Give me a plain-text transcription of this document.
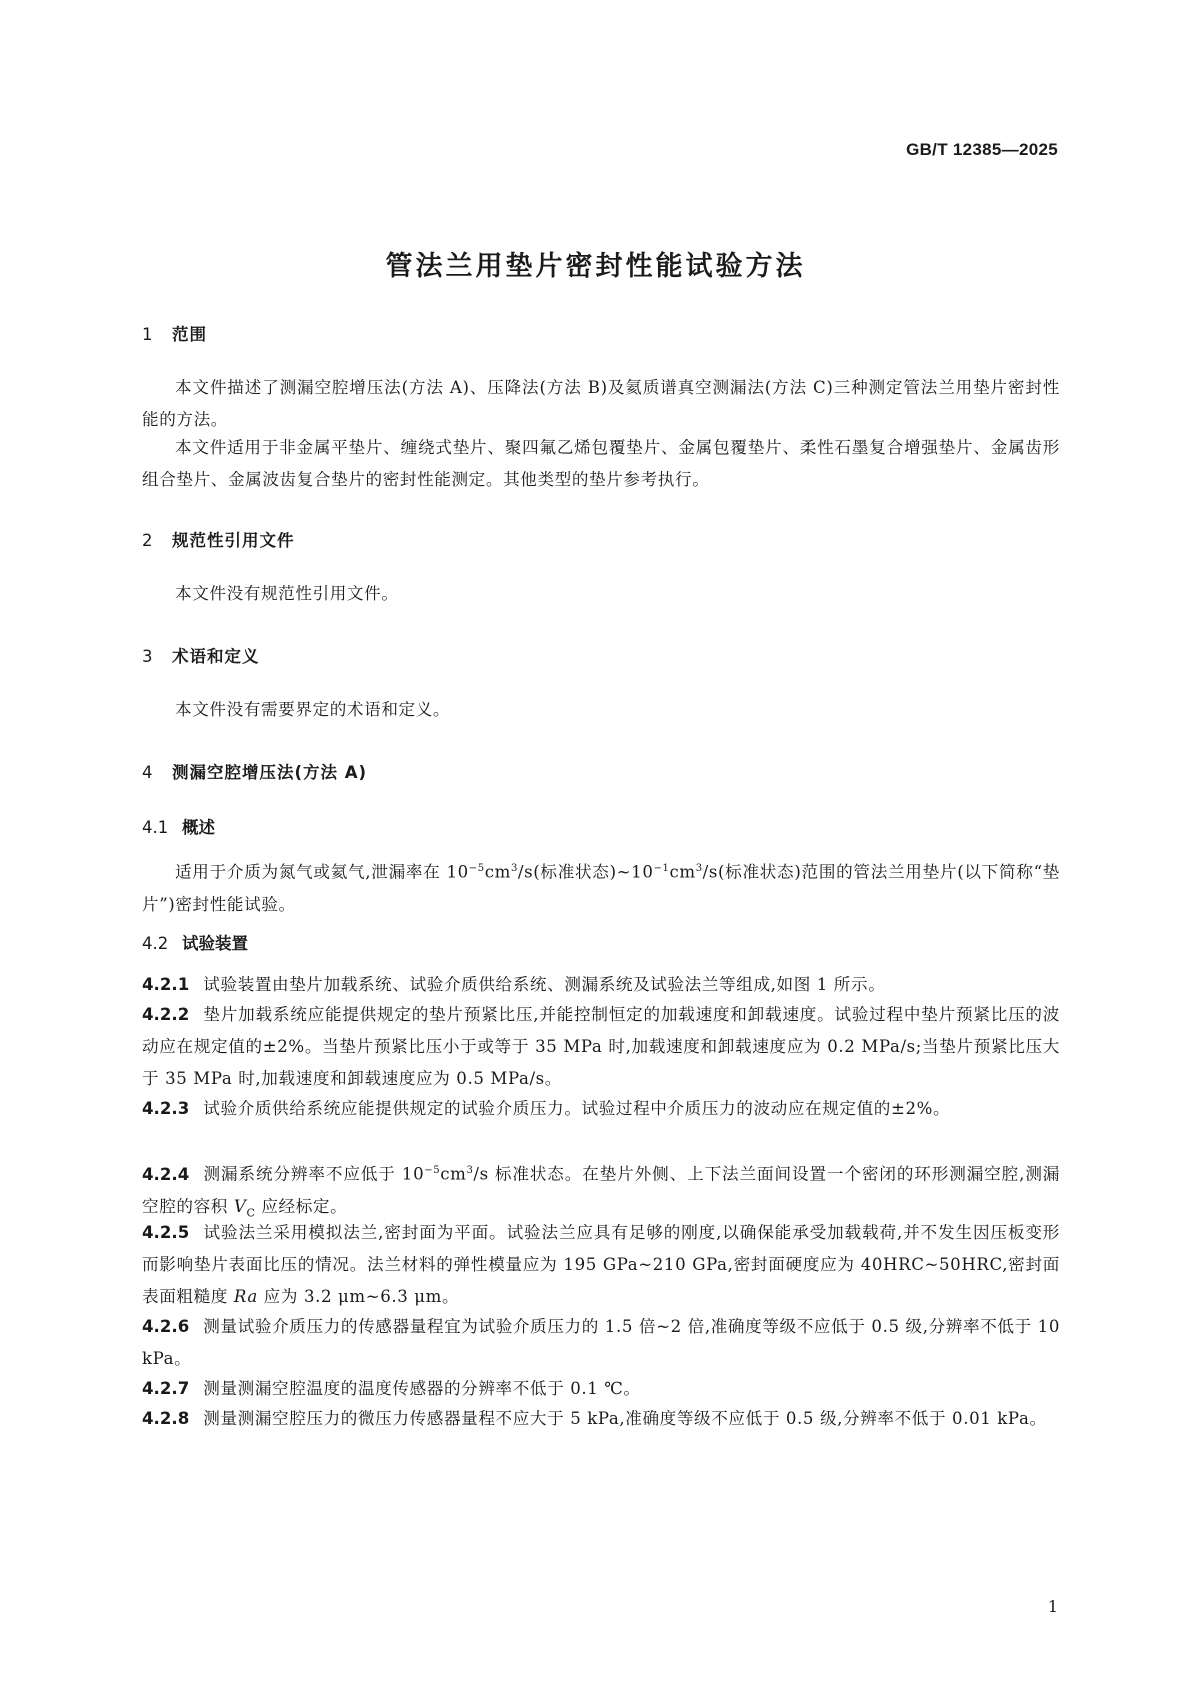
GB/T 12385—2025
管法兰用垫片密封性能试验方法
1 范围
本文件描述了测漏空腔增压法(方法 A)、压降法(方法 B)及氦质谱真空测漏法(方法 C)三种测定管法兰用垫片密封性能的方法。
本文件适用于非金属平垫片、缠绕式垫片、聚四氟乙烯包覆垫片、金属包覆垫片、柔性石墨复合增强垫片、金属齿形组合垫片、金属波齿复合垫片的密封性能测定。其他类型的垫片参考执行。
2 规范性引用文件
本文件没有规范性引用文件。
3 术语和定义
本文件没有需要界定的术语和定义。
4 测漏空腔增压法(方法 A)
4.1 概述
适用于介质为氮气或氦气,泄漏率在 $10^{-5}cm^3/s$(标准状态)$\sim 10^{-1}cm^3/s$(标准状态)范围的管法兰用垫片(以下简称“垫片”)密封性能试验。
4.2 试验装置
4.2.1 试验装置由垫片加载系统、试验介质供给系统、测漏系统及试验法兰等组成,如图 1 所示。
4.2.2 垫片加载系统应能提供规定的垫片预紧比压,并能控制恒定的加载速度和卸载速度。试验过程中垫片预紧比压的波动应在规定值的±2%。当垫片预紧比压小于或等于 35 MPa 时,加载速度和卸载速度应为 0.2 MPa/s;当垫片预紧比压大于 35 MPa 时,加载速度和卸载速度应为 0.5 MPa/s。
4.2.3 试验介质供给系统应能提供规定的试验介质压力。试验过程中介质压力的波动应在规定值的±2%。
4.2.4 测漏系统分辨率不应低于 $10^{-5}cm^3/s$ 标准状态。在垫片外侧、上下法兰面间设置一个密闭的环形测漏空腔,测漏空腔的容积 $V_C$ 应经标定。
4.2.5 试验法兰采用模拟法兰,密封面为平面。试验法兰应具有足够的刚度,以确保能承受加载载荷,并不发生因压板变形而影响垫片表面比压的情况。法兰材料的弹性模量应为 195 GPa~210 GPa,密封面硬度应为 40HRC~50HRC,密封面表面粗糙度 Ra 应为 3.2 μm~6.3 μm。
4.2.6 测量试验介质压力的传感器量程宜为试验介质压力的 1.5 倍~2 倍,准确度等级不应低于 0.5 级,分辨率不低于 10 kPa。
4.2.7 测量测漏空腔温度的温度传感器的分辨率不低于 0.1 ℃。
4.2.8 测量测漏空腔压力的微压力传感器量程不应大于 5 kPa,准确度等级不应低于 0.5 级,分辨率不低于 0.01 kPa。
1
